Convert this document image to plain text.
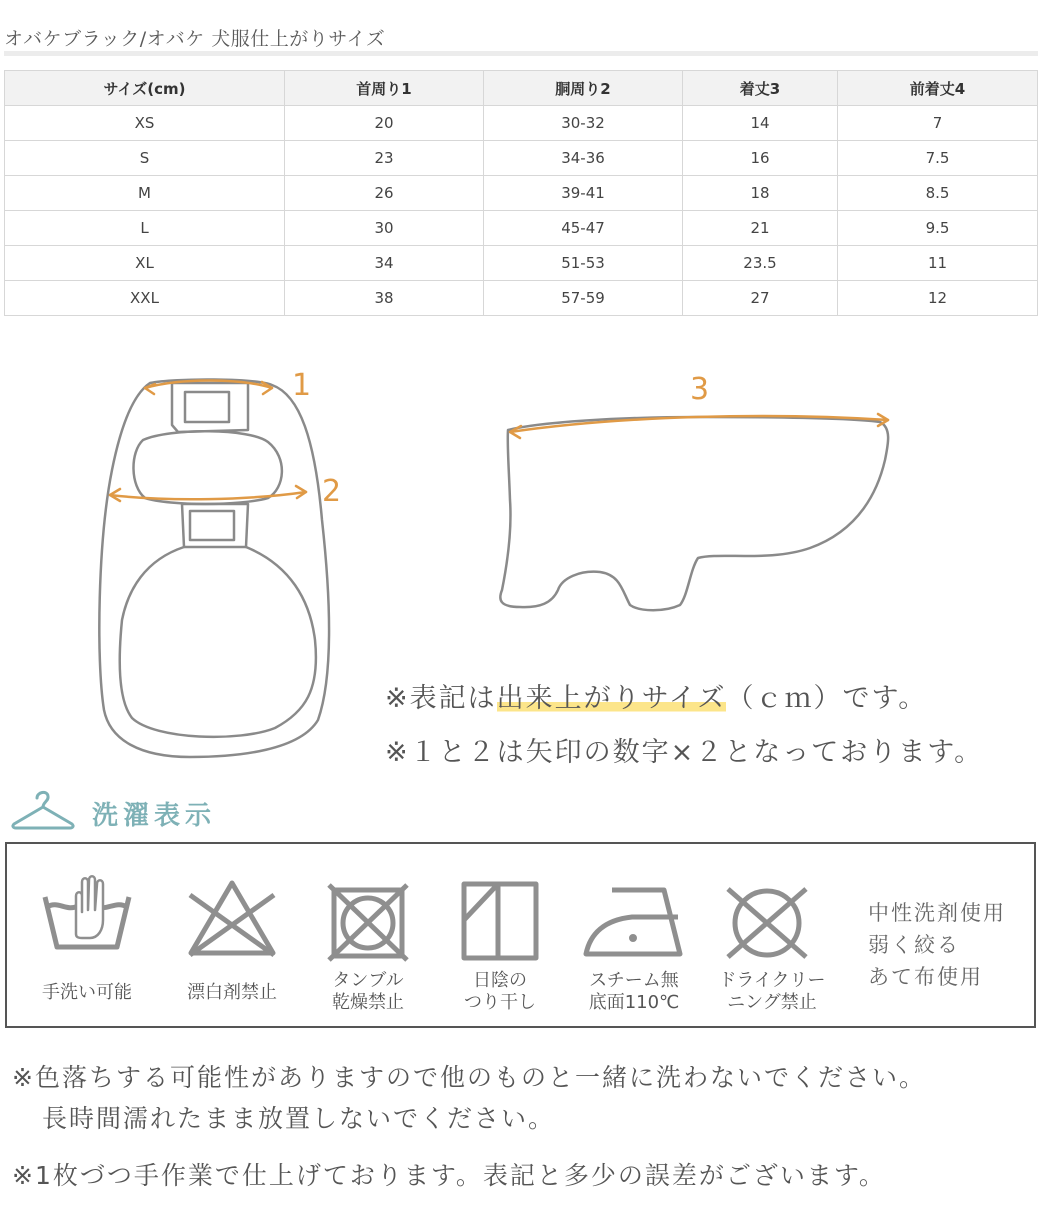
オバケブラック/オバケ 犬服仕上がりサイズ
サイズ(cm)	首周り1	胴周り2	着丈3	前着丈4
XS	20	30-32	14	7
S	23	34-36	16	7.5
M	26	39-41	18	8.5
L	30	45-47	21	9.5
XL	34	51-53	23.5	11
XXL	38	57-59	27	12
1
2
3
※表記は出来上がりサイズ（ｃｍ）です。
※１と２は矢印の数字×２となっております。
洗濯表示
手洗い可能	漂白剤禁止
タンブル
乾燥禁止
日陰の
つり干し
スチーム無
底面110℃
ドライクリー
ニング禁止
中性洗剤使用
弱く絞る
あて布使用
※色落ちする可能性がありますので他のものと一緒に洗わないでください。
長時間濡れたまま放置しないでください。
※1枚づつ手作業で仕上げております。表記と多少の誤差がございます。
